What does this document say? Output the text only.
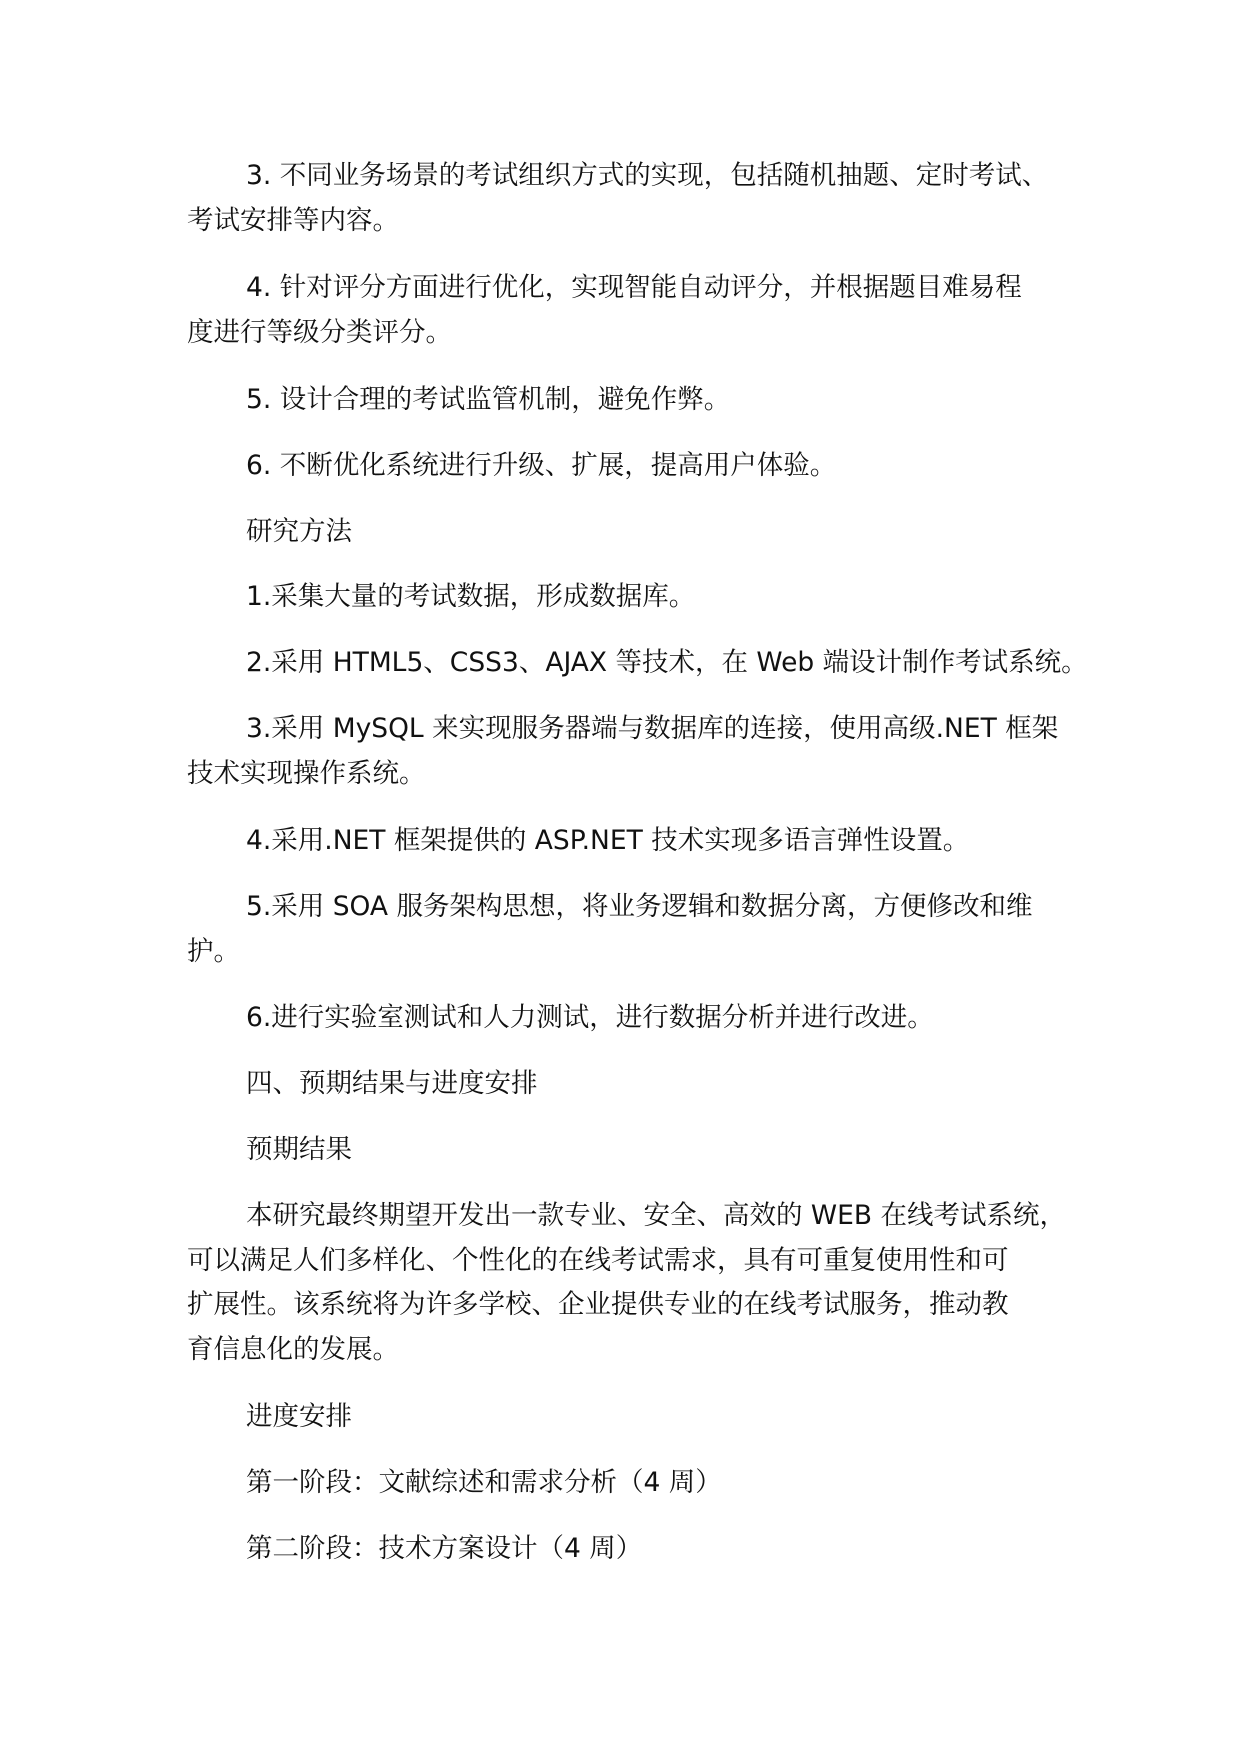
3. 不同业务场景的考试组织方式的实现，包括随机抽题、定时考试、

考试安排等内容。

4. 针对评分方面进行优化，实现智能自动评分，并根据题目难易程

度进行等级分类评分。

5. 设计合理的考试监管机制，避免作弊。

6. 不断优化系统进行升级、扩展，提高用户体验。

研究方法

1.采集大量的考试数据，形成数据库。

2.采用 HTML5、CSS3、AJAX 等技术，在 Web 端设计制作考试系统。

3.采用 MySQL 来实现服务器端与数据库的连接，使用高级.NET 框架

技术实现操作系统。

4.采用.NET 框架提供的 ASP.NET 技术实现多语言弹性设置。

5.采用 SOA 服务架构思想，将业务逻辑和数据分离，方便修改和维

护。

6.进行实验室测试和人力测试，进行数据分析并进行改进。

四、预期结果与进度安排

预期结果

本研究最终期望开发出一款专业、安全、高效的 WEB 在线考试系统，

可以满足人们多样化、个性化的在线考试需求，具有可重复使用性和可

扩展性。该系统将为许多学校、企业提供专业的在线考试服务，推动教

育信息化的发展。

进度安排

第一阶段：文献综述和需求分析（4 周）

第二阶段：技术方案设计（4 周）
